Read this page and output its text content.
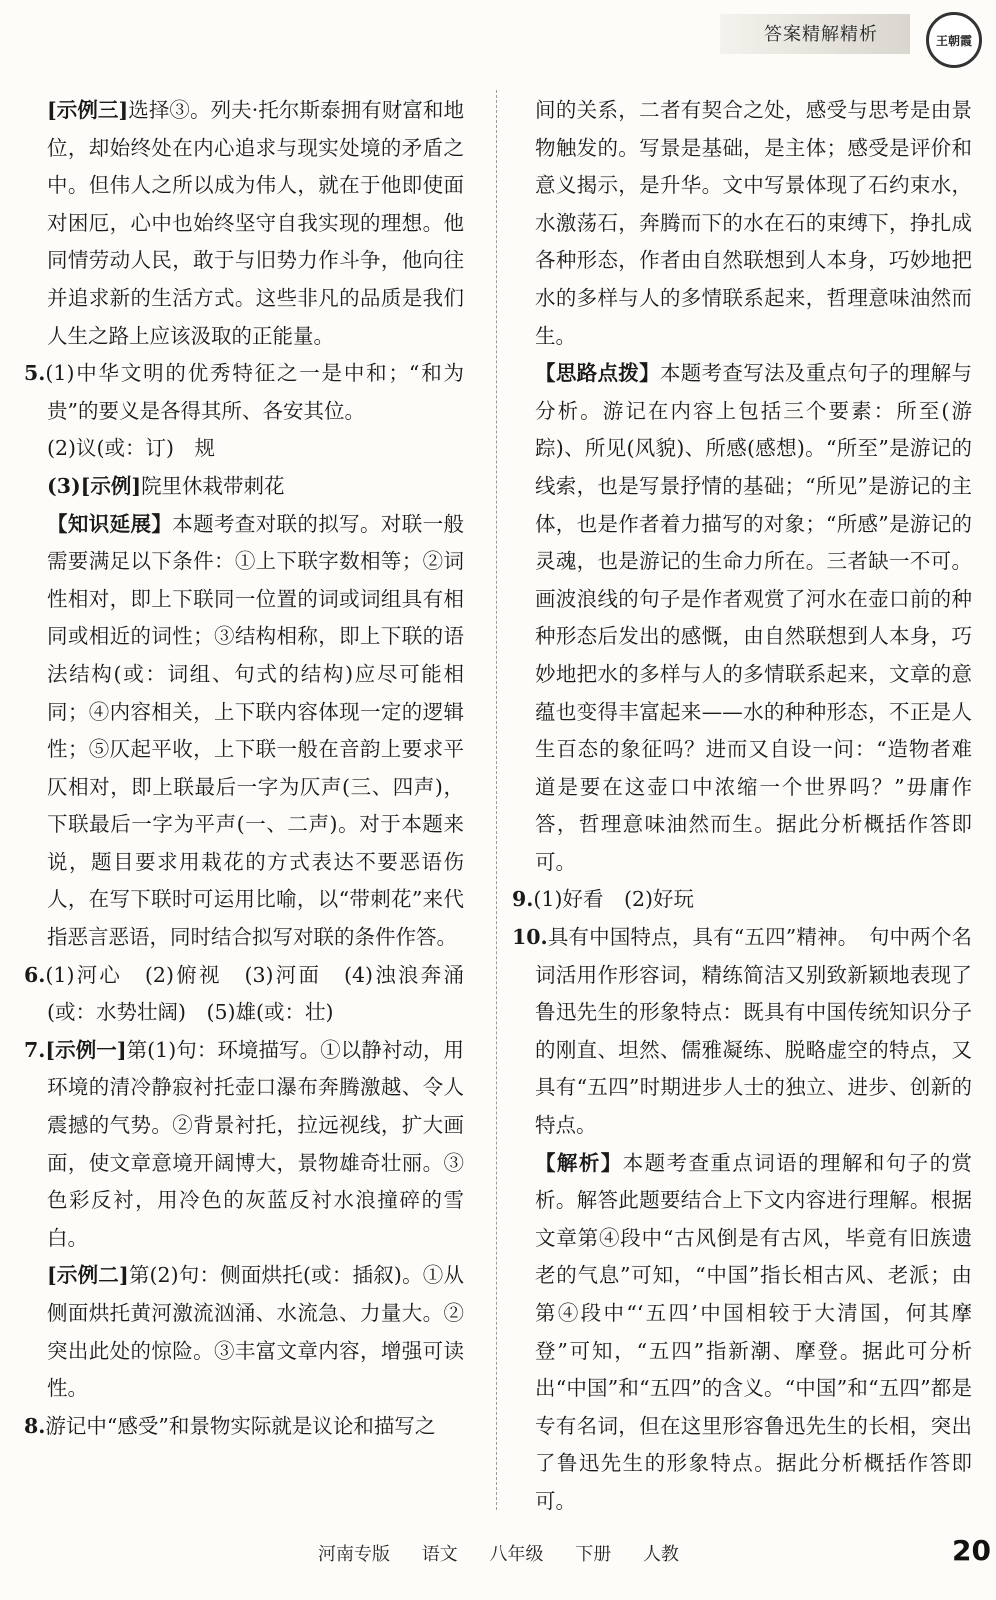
答案精解精析	王朝霞

[示例三]选择③。列夫·托尔斯泰拥有财富和地位，却始终处在内心追求与现实处境的矛盾之中。但伟人之所以成为伟人，就在于他即使面对困厄，心中也始终坚守自我实现的理想。他同情劳动人民，敢于与旧势力作斗争，他向往并追求新的生活方式。这些非凡的品质是我们人生之路上应该汲取的正能量。

5.(1)中华文明的优秀特征之一是中和；“和为贵”的要义是各得其所、各安其位。

(2)议(或：订)　规

(3)[示例]院里休栽带刺花

【知识延展】本题考查对联的拟写。对联一般需要满足以下条件：①上下联字数相等；②词性相对，即上下联同一位置的词或词组具有相同或相近的词性；③结构相称，即上下联的语法结构(或：词组、句式的结构)应尽可能相同；④内容相关，上下联内容体现一定的逻辑性；⑤仄起平收，上下联一般在音韵上要求平仄相对，即上联最后一字为仄声(三、四声)，下联最后一字为平声(一、二声)。对于本题来说，题目要求用栽花的方式表达不要恶语伤人，在写下联时可运用比喻，以“带刺花”来代指恶言恶语，同时结合拟写对联的条件作答。

6.(1)河心　(2)俯视　(3)河面　(4)浊浪奔涌(或：水势壮阔)　(5)雄(或：壮)

7.[示例一]第(1)句：环境描写。①以静衬动，用环境的清冷静寂衬托壶口瀑布奔腾激越、令人震撼的气势。②背景衬托，拉远视线，扩大画面，使文章意境开阔博大，景物雄奇壮丽。③色彩反衬，用冷色的灰蓝反衬水浪撞碎的雪白。

[示例二]第(2)句：侧面烘托(或：插叙)。①从侧面烘托黄河激流汹涌、水流急、力量大。②突出此处的惊险。③丰富文章内容，增强可读性。

8.游记中“感受”和景物实际就是议论和描写之

间的关系，二者有契合之处，感受与思考是由景物触发的。写景是基础，是主体；感受是评价和意义揭示，是升华。文中写景体现了石约束水，水激荡石，奔腾而下的水在石的束缚下，挣扎成各种形态，作者由自然联想到人本身，巧妙地把水的多样与人的多情联系起来，哲理意味油然而生。

【思路点拨】本题考查写法及重点句子的理解与分析。游记在内容上包括三个要素：所至(游踪)、所见(风貌)、所感(感想)。“所至”是游记的线索，也是写景抒情的基础；“所见”是游记的主体，也是作者着力描写的对象；“所感”是游记的灵魂，也是游记的生命力所在。三者缺一不可。画波浪线的句子是作者观赏了河水在壶口前的种种形态后发出的感慨，由自然联想到人本身，巧妙地把水的多样与人的多情联系起来，文章的意蕴也变得丰富起来——水的种种形态，不正是人生百态的象征吗？进而又自设一问：“造物者难道是要在这壶口中浓缩一个世界吗？”毋庸作答，哲理意味油然而生。据此分析概括作答即可。

9.(1)好看　(2)好玩

10.具有中国特点，具有“五四”精神。　句中两个名词活用作形容词，精练简洁又别致新颖地表现了鲁迅先生的形象特点：既具有中国传统知识分子的刚直、坦然、儒雅凝练、脱略虚空的特点，又具有“五四”时期进步人士的独立、进步、创新的特点。

【解析】本题考查重点词语的理解和句子的赏析。解答此题要结合上下文内容进行理解。根据文章第④段中“古风倒是有古风，毕竟有旧族遗老的气息”可知，“中国”指长相古风、老派；由第④段中“‘五四’中国相较于大清国，何其摩登”可知，“五四”指新潮、摩登。据此可分析出“中国”和“五四”的含义。“中国”和“五四”都是专有名词，但在这里形容鲁迅先生的长相，突出了鲁迅先生的形象特点。据此分析概括作答即可。

河南专版 语文 八年级 下册 人教	20
